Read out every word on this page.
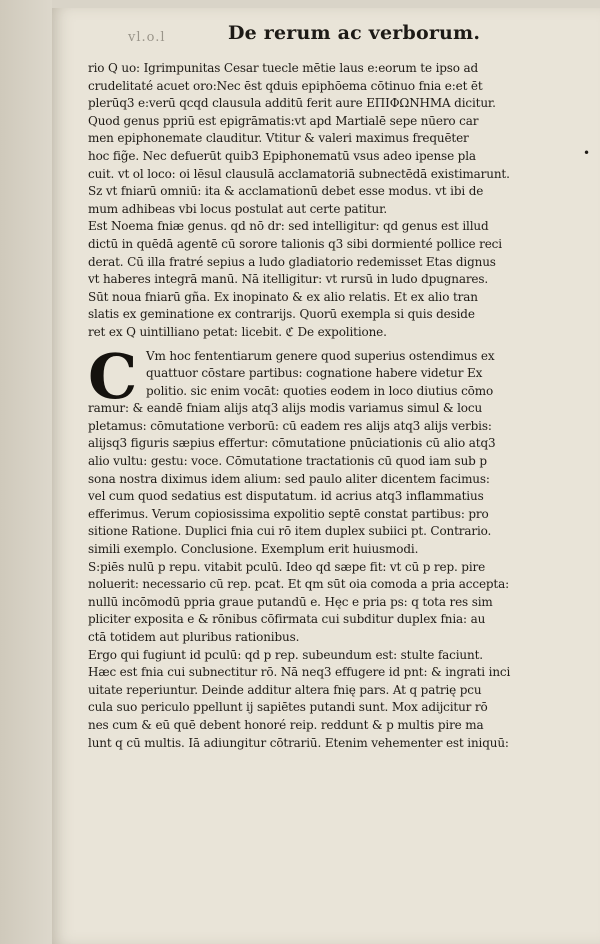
vl.o.l	De rerum ac verborum.
•
rio Q uo: Igrimpunitas Cesar tuecle mētie laus e:eorum te ipso ad
crudelitaté acuet oro:Nec ēst qduis epiphōema cōtinuo fnia e:et ēt
plerūq3 e:verū qcqd clausula additū ferit aure ΕΠΙΦΩΝΗΜΑ dicitur.
Quod genus ppriū est epigrāmatis:vt apd Martialē sepe nūero car
men epiphonemate clauditur. Vtitur & valeri maximus frequēter
hoc fig̃e. Nec defuerūt quib3 Epiphonematū vsus adeo ipense pla
cuit. vt ol loco: oi lēsul clausulā acclamatoriā subnectēdā existimarunt.
Sz vt fniarū omniū: ita & acclamationū debet esse modus. vt ibi de
mum adhibeas vbi locus postulat aut certe patitur.
Est Noema fniæ genus. qd nō dr: sed intelligitur: qd genus est illud
dictū in quēdā agentē cū sorore talionis q3 sibi dormienté pollice reci
derat. Cū illa fratré sepius a ludo gladiatorio redemisset Etas dignus
vt haberes integrā manū. Nā itelligitur: vt rursū in ludo dpugnares.
Sūt noua fniarū gña. Ex inopinato & ex alio relatis. Et ex alio tran
slatis ex geminatione ex contrarijs. Quorū exempla si quis deside
ret ex Q uintilliano petat: licebit. ℭ De expolitione.
C Vm hoc fententiarum genere quod superius ostendimus ex
quattuor cōstare partibus: cognatione habere videtur Ex
politio. sic enim vocāt: quoties eodem in loco diutius cōmo
ramur: & eandē fniam alijs atq3 alijs modis variamus simul & locu
pletamus: cōmutatione verborū: cū eadem res alijs atq3 alijs verbis:
alijsq3 figuris sæpius effertur: cōmutatione pnūciationis cū alio atq3
alio vultu: gestu: voce. Cōmutatione tractationis cū quod iam sub p
sona nostra diximus idem alium: sed paulo aliter dicentem facimus:
vel cum quod sedatius est disputatum. id acrius atq3 inflammatius
efferimus. Verum copiosissima expolitio septē constat partibus: pro
sitione Ratione. Duplici fnia cui rō item duplex subiici pt. Contrario.
simili exemplo. Conclusione. Exemplum erit huiusmodi.
S:piēs nulū p repu. vitabit pculū. Ideo qd sæpe fit: vt cū p rep. pire
noluerit: necessario cū rep. pcat. Et qm sūt oia comoda a pria accepta:
nullū incōmodū ppria graue putandū e. Hęc e pria ps: q tota res sim
pliciter exposita e & rōnibus cōfirmata cui subditur duplex fnia: au
ctā totidem aut pluribus rationibus.
Ergo qui fugiunt id pculū: qd p rep. subeundum est: stulte faciunt.
Hæc est fnia cui subnectitur rō. Nā neq3 effugere id pnt: & ingrati inci
uitate reperiuntur. Deinde additur altera fnię pars. At q patrię pcu
cula suo periculo ppellunt ij sapiētes putandi sunt. Mox adijcitur rō
nes cum & eū quē debent honoré reip. reddunt & p multis pire ma
lunt q cū multis. Iā adiungitur cōtrariū. Etenim vehementer est iniquū:
